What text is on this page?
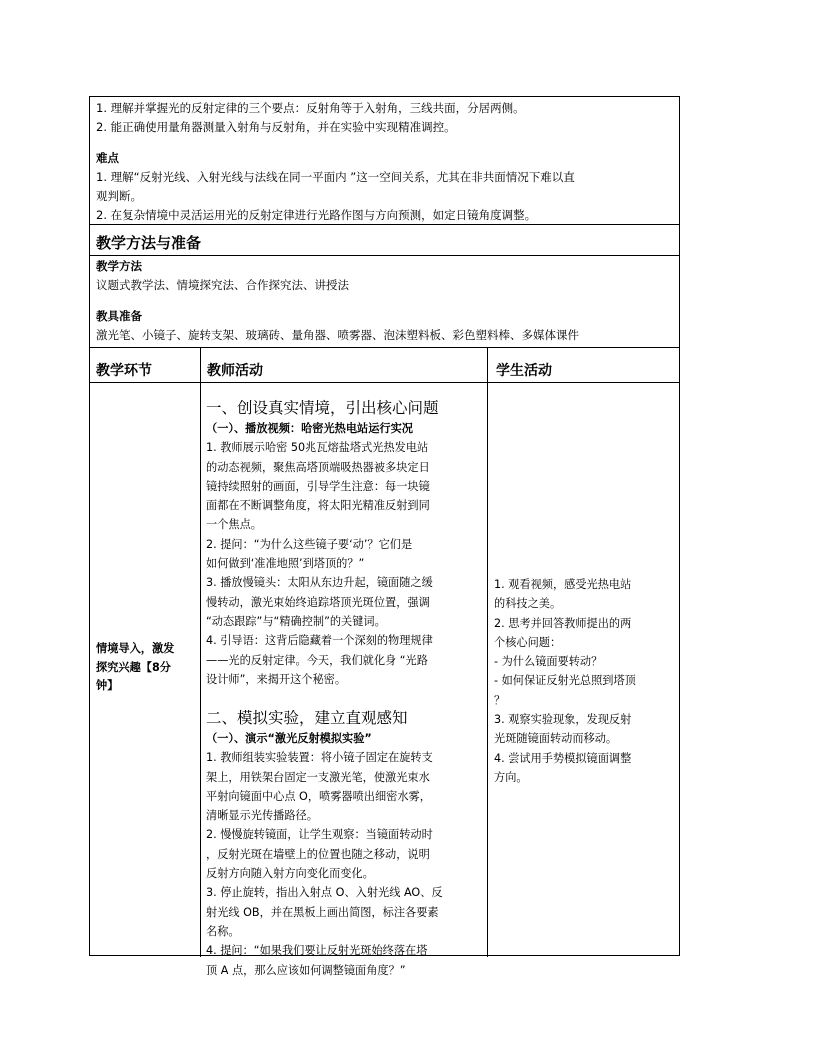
1. 理解并掌握光的反射定律的三个要点：反射角等于入射角，三线共面，分居两侧。
2. 能正确使用量角器测量入射角与反射角，并在实验中实现精准调控。
难点
1. 理解“反射光线、入射光线与法线在同一平面内 ”这一空间关系，尤其在非共面情况下难以直
观判断。
2. 在复杂情境中灵活运用光的反射定律进行光路作图与方向预测，如定日镜角度调整。
教学方法与准备
教学方法
议题式教学法、情境探究法、合作探究法、讲授法
教具准备
激光笔、小镜子、旋转支架、玻璃砖、量角器、喷雾器、泡沫塑料板、彩色塑料棒、多媒体课件
教学环节	教师活动	学生活动
情境导入，激发
探究兴趣【8分
钟】
一、创设真实情境，引出核心问题
（一）、播放视频：哈密光热电站运行实况
1. 教师展示哈密 50兆瓦熔盐塔式光热发电站
的动态视频，聚焦高塔顶端吸热器被多块定日
镜持续照射的画面，引导学生注意：每一块镜
面都在不断调整角度，将太阳光精准反射到同
一个焦点。
2. 提问：“为什么这些镜子要‘动’？它们是
如何做到‘准准地照’到塔顶的？”
3. 播放慢镜头：太阳从东边升起，镜面随之缓
慢转动，激光束始终追踪塔顶光斑位置，强调
“动态跟踪”与“精确控制”的关键词。
4. 引导语：这背后隐藏着一个深刻的物理规律
——光的反射定律。今天，我们就化身 “光路
设计师”，来揭开这个秘密。
二、模拟实验，建立直观感知
（一）、演示“激光反射模拟实验”
1. 教师组装实验装置：将小镜子固定在旋转支
架上，用铁架台固定一支激光笔，使激光束水
平射向镜面中心点 O，喷雾器喷出细密水雾，
清晰显示光传播路径。
2. 慢慢旋转镜面，让学生观察：当镜面转动时
，反射光斑在墙壁上的位置也随之移动，说明
反射方向随入射方向变化而变化。
3. 停止旋转，指出入射点 O、入射光线 AO、反
射光线 OB，并在黑板上画出简图，标注各要素
名称。
4. 提问：“如果我们要让反射光斑始终落在塔
顶 A 点，那么应该如何调整镜面角度？”
1. 观看视频，感受光热电站
的科技之美。
2. 思考并回答教师提出的两
个核心问题：
- 为什么镜面要转动？
- 如何保证反射光总照到塔顶
？
3. 观察实验现象，发现反射
光斑随镜面转动而移动。
4. 尝试用手势模拟镜面调整
方向。
